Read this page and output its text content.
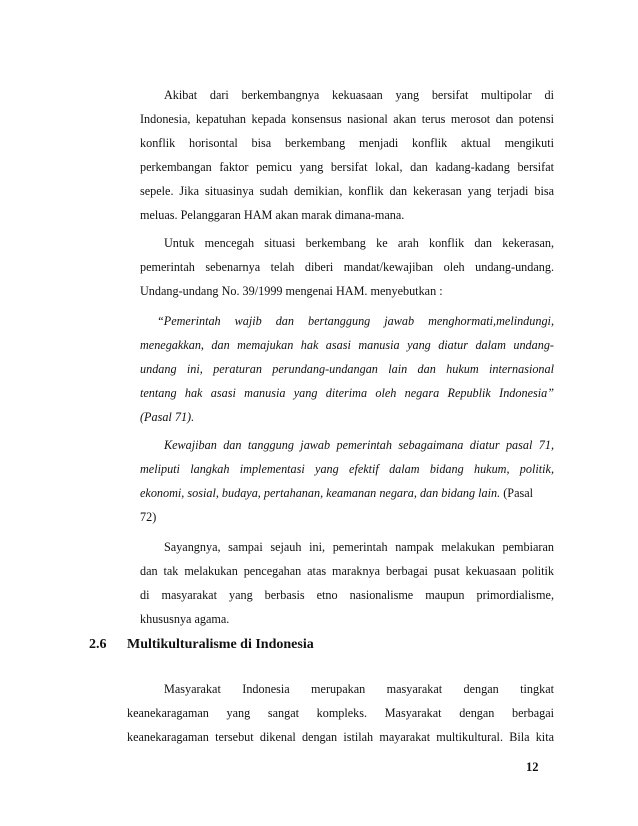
Akibat dari berkembangnya kekuasaan yang bersifat multipolar di
Indonesia, kepatuhan kepada konsensus nasional akan terus merosot dan potensi
konflik horisontal bisa berkembang menjadi konflik aktual mengikuti
perkembangan faktor pemicu yang bersifat lokal, dan kadang-kadang bersifat
sepele. Jika situasinya sudah demikian, konflik dan kekerasan yang terjadi bisa
meluas. Pelanggaran HAM akan marak dimana-mana.
Untuk mencegah situasi berkembang ke arah konflik dan kekerasan,
pemerintah sebenarnya telah diberi mandat/kewajiban oleh undang-undang.
Undang-undang No. 39/1999 mengenai HAM. menyebutkan :
“Pemerintah wajib dan bertanggung jawab menghormati,melindungi,
menegakkan, dan memajukan hak asasi manusia yang diatur dalam undang-
undang ini, peraturan perundang-undangan lain dan hukum internasional
tentang hak asasi manusia yang diterima oleh negara Republik Indonesia”
(Pasal 71).
Kewajiban dan tanggung jawab pemerintah sebagaimana diatur pasal 71,
meliputi langkah implementasi yang efektif dalam bidang hukum, politik,
ekonomi, sosial, budaya, pertahanan, keamanan negara, dan bidang lain. (Pasal
72)
Sayangnya, sampai sejauh ini, pemerintah nampak melakukan pembiaran
dan tak melakukan pencegahan atas maraknya berbagai pusat kekuasaan politik
di masyarakat yang berbasis etno nasionalisme maupun primordialisme,
khususnya agama.
2.6 Multikulturalisme di Indonesia
Masyarakat Indonesia merupakan masyarakat dengan tingkat
keanekaragaman yang sangat kompleks. Masyarakat dengan berbagai
keanekaragaman tersebut dikenal dengan istilah mayarakat multikultural. Bila kita
12
